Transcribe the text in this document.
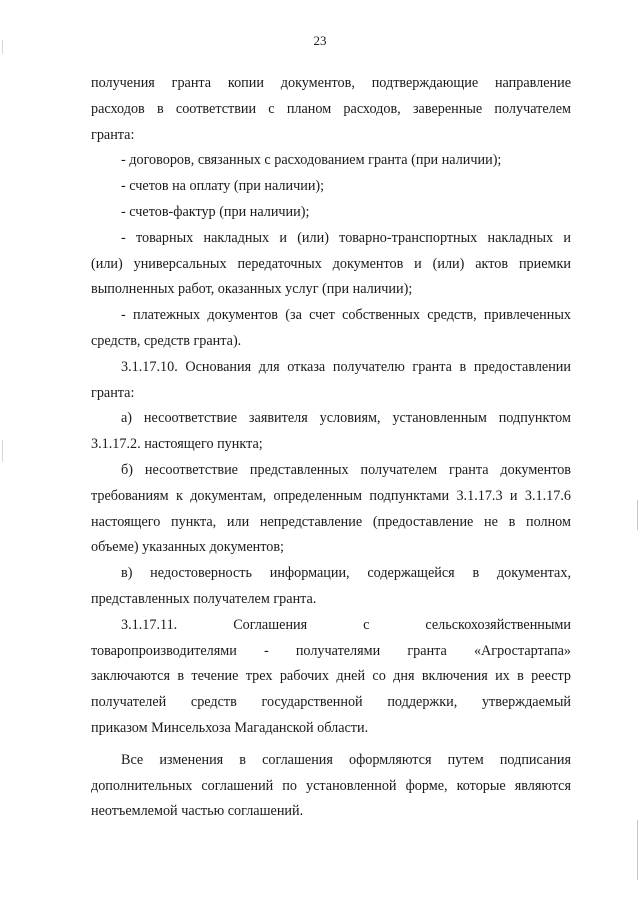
23
получения гранта копии документов, подтверждающие направление
расходов в соответствии с планом расходов, заверенные получателем
гранта:
- договоров, связанных с расходованием гранта (при наличии);
- счетов на оплату (при наличии);
- счетов-фактур (при наличии);
- товарных накладных и (или) товарно-транспортных накладных и
(или) универсальных передаточных документов и (или) актов приемки
выполненных работ, оказанных услуг (при наличии);
- платежных документов (за счет собственных средств, привлеченных
средств, средств гранта).
3.1.17.10. Основания для отказа получателю гранта в предоставлении
гранта:
а) несоответствие заявителя условиям, установленным подпунктом
3.1.17.2. настоящего пункта;
б) несоответствие представленных получателем гранта документов
требованиям к документам, определенным подпунктами 3.1.17.3 и 3.1.17.6
настоящего пункта, или непредставление (предоставление не в полном
объеме) указанных документов;
в) недостоверность информации, содержащейся в документах,
представленных получателем гранта.
3.1.17.11. Соглашения с сельскохозяйственными
товаропроизводителями - получателями гранта «Агростартапа»
заключаются в течение трех рабочих дней со дня включения их в реестр
получателей средств государственной поддержки, утверждаемый
приказом Минсельхоза Магаданской области.
Все изменения в соглашения оформляются путем подписания
дополнительных соглашений по установленной форме, которые являются
неотъемлемой частью соглашений.
